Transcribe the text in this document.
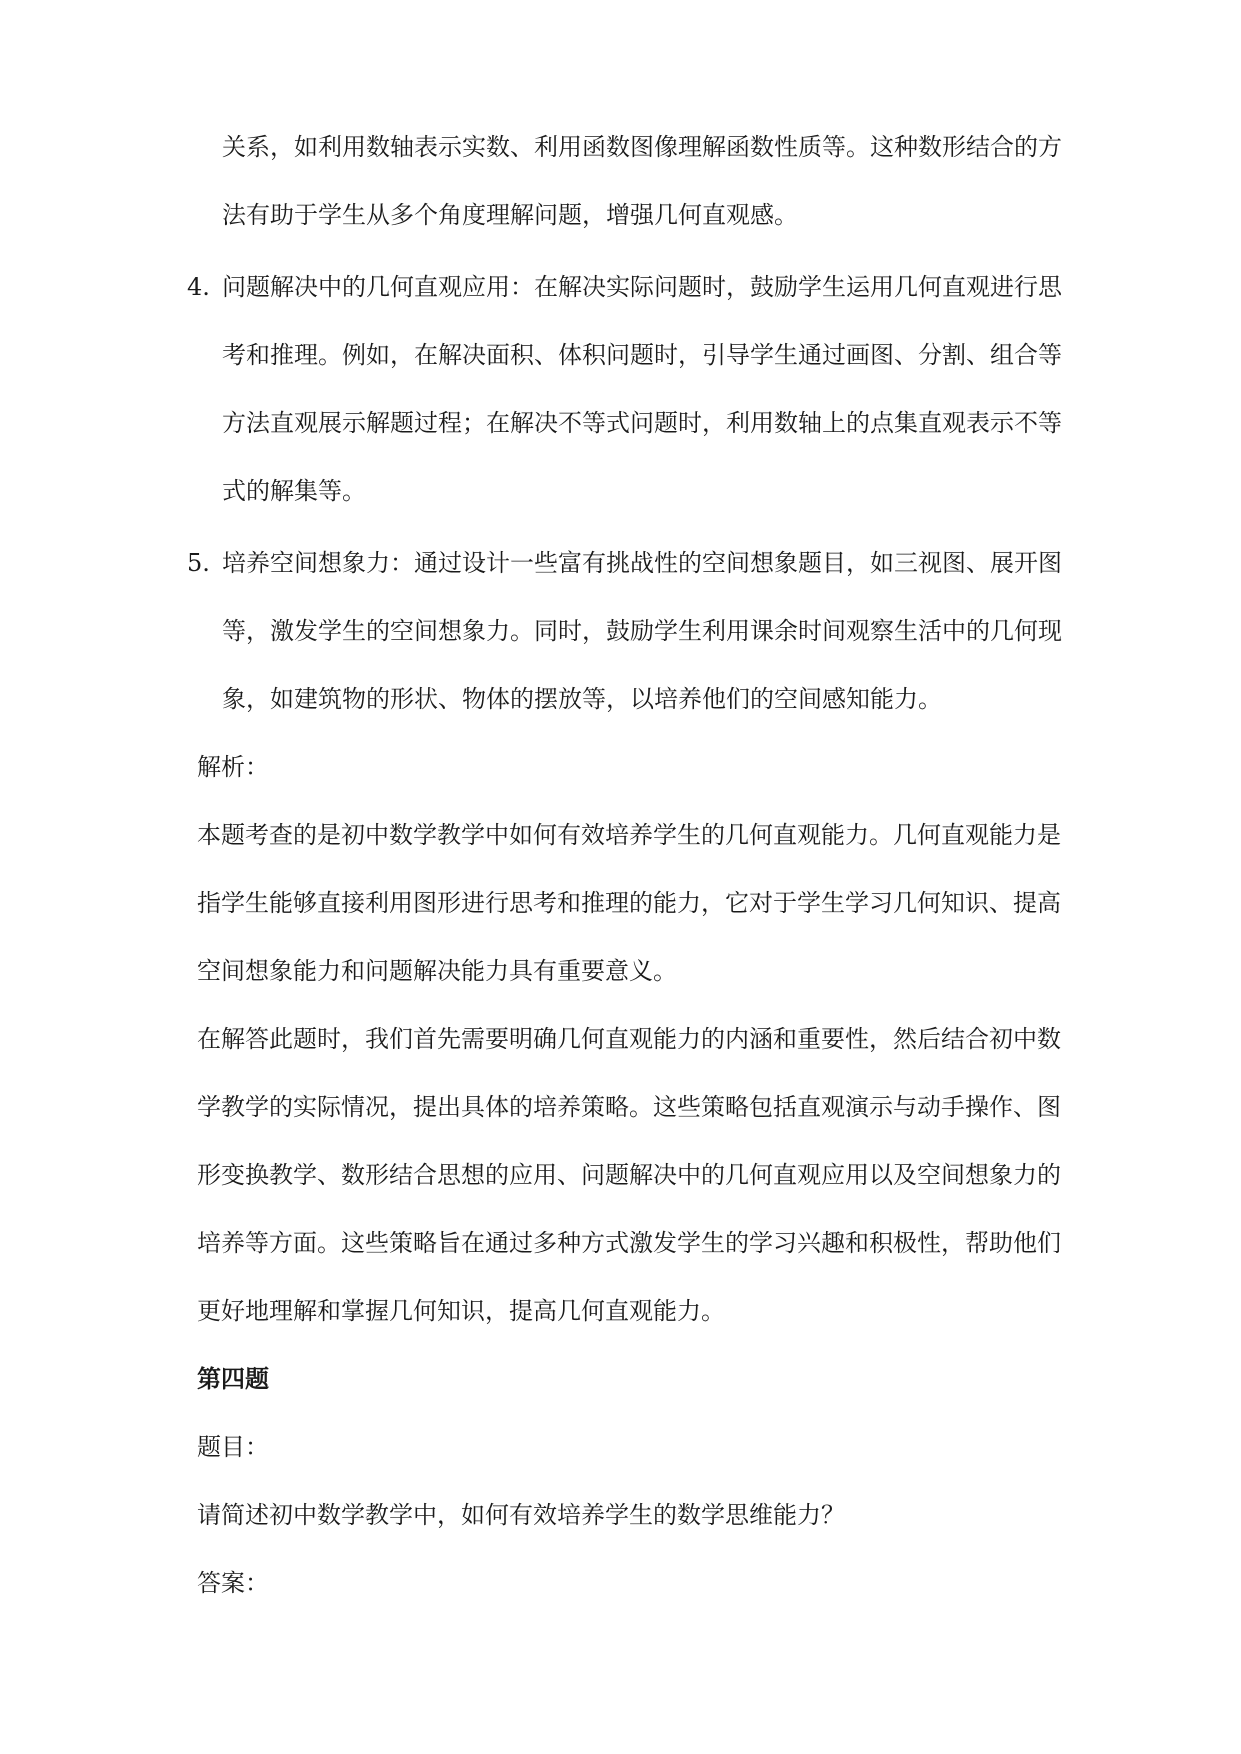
关系，如利用数轴表示实数、利用函数图像理解函数性质等。这种数形结合的方
法有助于学生从多个角度理解问题，增强几何直观感。
4. 问题解决中的几何直观应用：在解决实际问题时，鼓励学生运用几何直观进行思
考和推理。例如，在解决面积、体积问题时，引导学生通过画图、分割、组合等
方法直观展示解题过程；在解决不等式问题时，利用数轴上的点集直观表示不等
式的解集等。
5. 培养空间想象力：通过设计一些富有挑战性的空间想象题目，如三视图、展开图
等，激发学生的空间想象力。同时，鼓励学生利用课余时间观察生活中的几何现
象，如建筑物的形状、物体的摆放等，以培养他们的空间感知能力。
解析：
本题考查的是初中数学教学中如何有效培养学生的几何直观能力。几何直观能力是
指学生能够直接利用图形进行思考和推理的能力，它对于学生学习几何知识、提高
空间想象能力和问题解决能力具有重要意义。
在解答此题时，我们首先需要明确几何直观能力的内涵和重要性，然后结合初中数
学教学的实际情况，提出具体的培养策略。这些策略包括直观演示与动手操作、图
形变换教学、数形结合思想的应用、问题解决中的几何直观应用以及空间想象力的
培养等方面。这些策略旨在通过多种方式激发学生的学习兴趣和积极性，帮助他们
更好地理解和掌握几何知识，提高几何直观能力。
第四题
题目：
请简述初中数学教学中，如何有效培养学生的数学思维能力？
答案：
